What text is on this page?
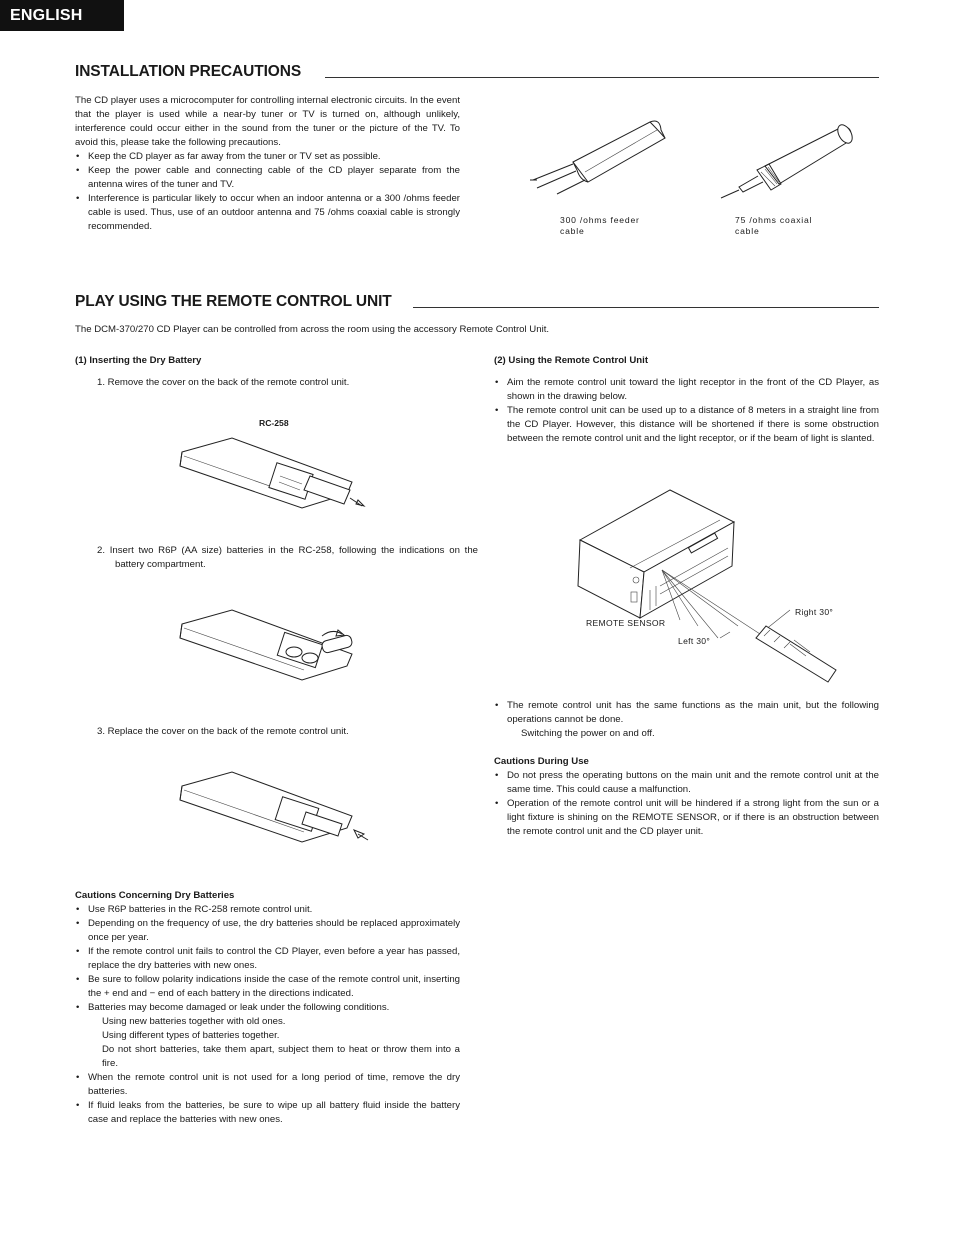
ENGLISH
INSTALLATION PRECAUTIONS

The CD player uses a microcomputer for controlling internal electronic circuits. In the event that the player is used while a near-by tuner or TV is turned on, although unlikely, interference could occur either in the sound from the tuner or the picture of the TV. To avoid this, please take the following precautions.

• Keep the CD player as far away from the tuner or TV set as possible.
• Keep the power cable and connecting cable of the CD player separate from the antenna wires of the tuner and TV.
• Interference is particular likely to occur when an indoor antenna or a 300 /ohms feeder cable is used. Thus, use of an outdoor antenna and 75 /ohms coaxial cable is strongly recommended.
300 /ohms feeder cable
75 /ohms coaxial cable
PLAY USING THE REMOTE CONTROL UNIT
The DCM-370/270 CD Player can be controlled from across the room using the accessory Remote Control Unit.
(1) Inserting the Dry Battery
1. Remove the cover on the back of the remote control unit.
RC-258
2. Insert two R6P (AA size) batteries in the RC-258, following the indications on the battery compartment.
3. Replace the cover on the back of the remote control unit.
Cautions Concerning Dry Batteries
• Use R6P batteries in the RC-258 remote control unit.
• Depending on the frequency of use, the dry batteries should be replaced approximately once per year.
• If the remote control unit fails to control the CD Player, even before a year has passed, replace the dry batteries with new ones.
• Be sure to follow polarity indications inside the case of the remote control unit, inserting the + end and − end of each battery in the directions indicated.
• Batteries may become damaged or leak under the following conditions.
Using new batteries together with old ones.
Using different types of batteries together.
Do not short batteries, take them apart, subject them to heat or throw them into a fire.
• When the remote control unit is not used for a long period of time, remove the dry batteries.
• If fluid leaks from the batteries, be sure to wipe up all battery fluid inside the battery case and replace the batteries with new ones.
(2) Using the Remote Control Unit
• Aim the remote control unit toward the light receptor in the front of the CD Player, as shown in the drawing below.
• The remote control unit can be used up to a distance of 8 meters in a straight line from the CD Player. However, this distance will be shortened if there is some obstruction between the remote control unit and the light receptor, or if the beam of light is slanted.
Right 30°
REMOTE SENSOR
Left 30°
• The remote control unit has the same functions as the main unit, but the following operations cannot be done.
Switching the power on and off.
Cautions During Use
• Do not press the operating buttons on the main unit and the remote control unit at the same time. This could cause a malfunction.
• Operation of the remote control unit will be hindered if a strong light from the sun or a light fixture is shining on the REMOTE SENSOR, or if there is an obstruction between the remote control unit and the CD player unit.
